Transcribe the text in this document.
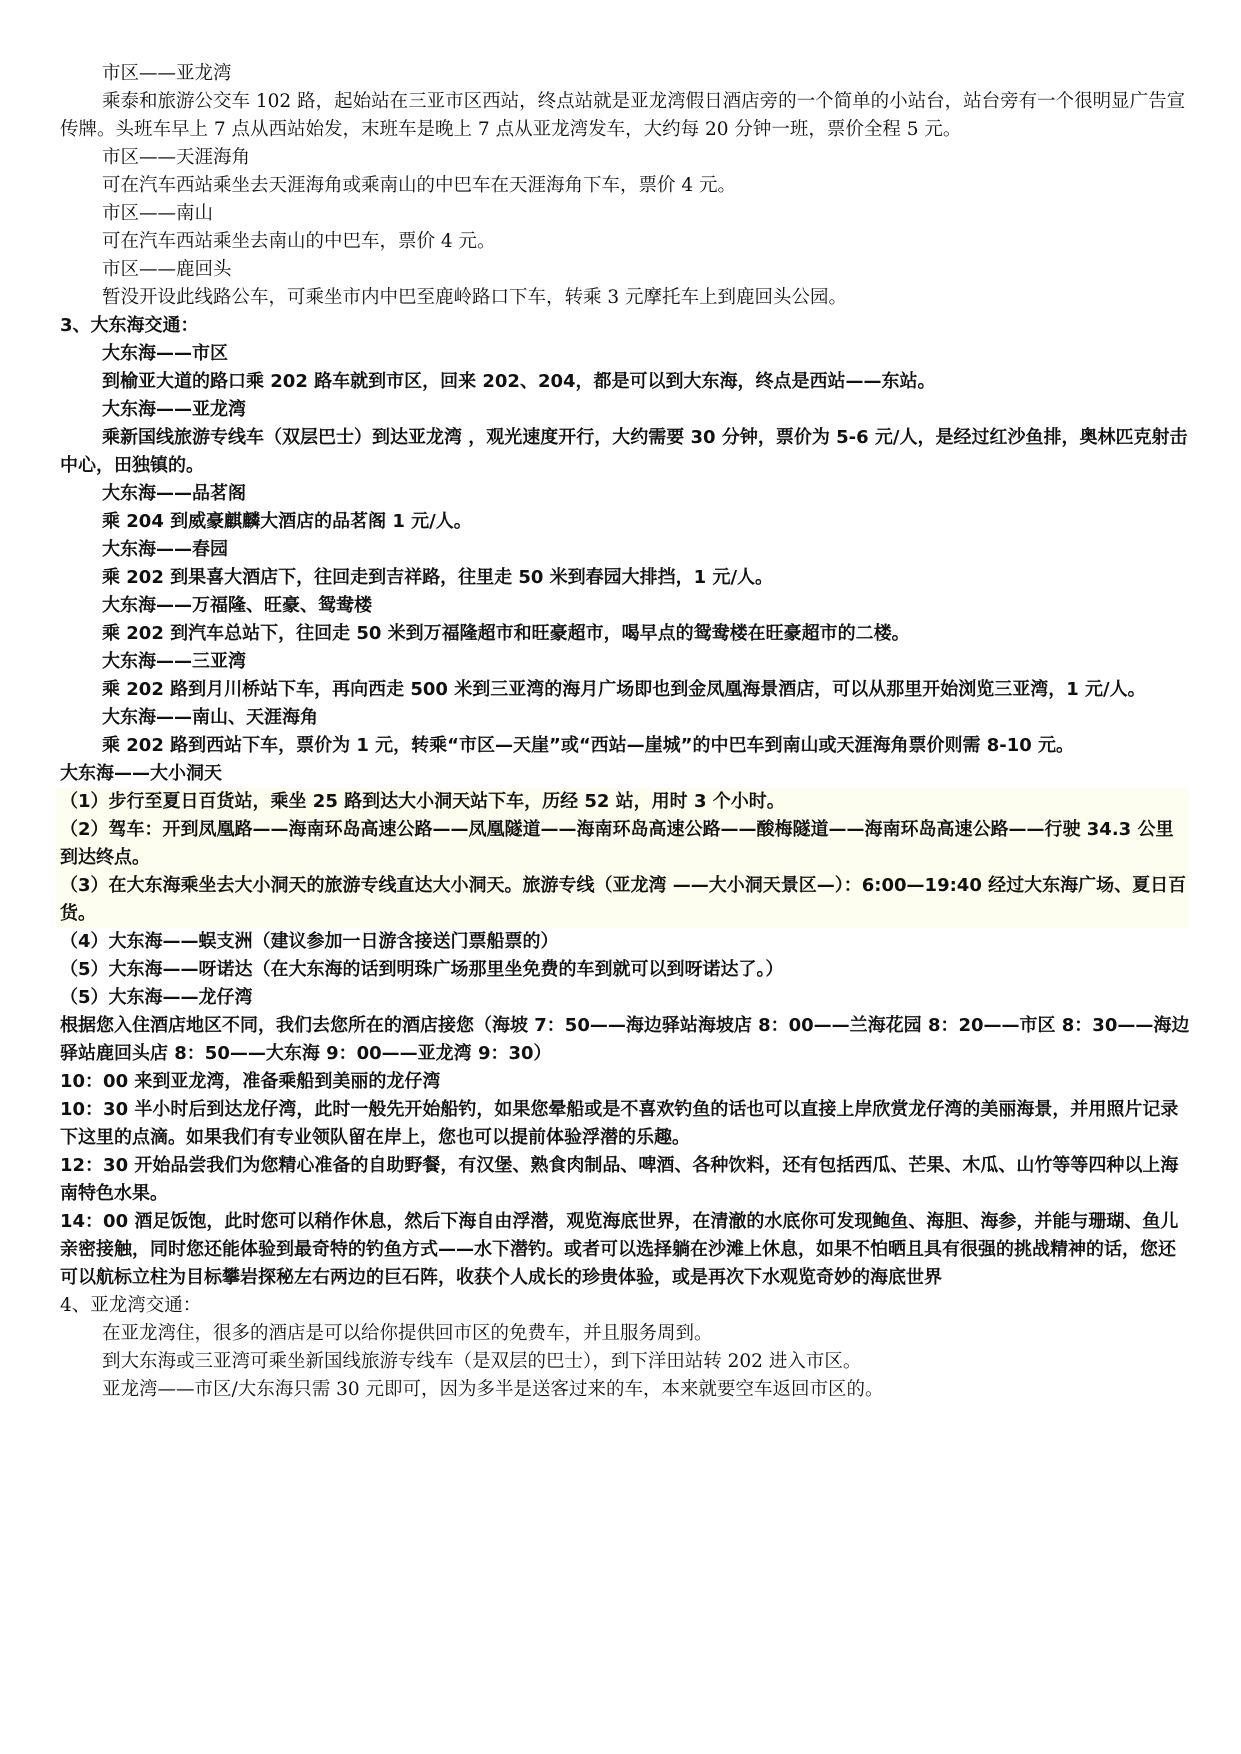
市区——亚龙湾
乘泰和旅游公交车 102 路，起始站在三亚市区西站，终点站就是亚龙湾假日酒店旁的一个简单的小站台，站台旁有一个很明显广告宣传牌。头班车早上 7 点从西站始发，末班车是晚上 7 点从亚龙湾发车，大约每 20 分钟一班，票价全程 5 元。
市区——天涯海角
可在汽车西站乘坐去天涯海角或乘南山的中巴车在天涯海角下车，票价 4 元。
市区——南山
可在汽车西站乘坐去南山的中巴车，票价 4 元。
市区——鹿回头
暂没开设此线路公车，可乘坐市内中巴至鹿岭路口下车，转乘 3 元摩托车上到鹿回头公园。
3、大东海交通：
大东海——市区
到榆亚大道的路口乘 202 路车就到市区，回来 202、204，都是可以到大东海，终点是西站——东站。
大东海——亚龙湾
乘新国线旅游专线车（双层巴士）到达亚龙湾 ，观光速度开行，大约需要 30 分钟，票价为 5-6 元/人，是经过红沙鱼排，奥林匹克射击中心，田独镇的。
大东海——品茗阁
乘 204 到威豪麒麟大酒店的品茗阁 1 元/人。
大东海——春园
乘 202 到果喜大酒店下，往回走到吉祥路，往里走 50 米到春园大排挡，1 元/人。
大东海——万福隆、旺豪、鸳鸯楼
乘 202 到汽车总站下，往回走 50 米到万福隆超市和旺豪超市，喝早点的鸳鸯楼在旺豪超市的二楼。
大东海——三亚湾
乘 202 路到月川桥站下车，再向西走 500 米到三亚湾的海月广场即也到金凤凰海景酒店，可以从那里开始浏览三亚湾，1 元/人。
大东海——南山、天涯海角
乘 202 路到西站下车，票价为 1 元，转乘“市区—天崖”或“西站—崖城”的中巴车到南山或天涯海角票价则需 8-10 元。
大东海——大小洞天
（1）步行至夏日百货站，乘坐 25 路到达大小洞天站下车，历经 52 站，用时 3 个小时。
（2）驾车：开到凤凰路——海南环岛高速公路——凤凰隧道——海南环岛高速公路——酸梅隧道——海南环岛高速公路——行驶 34.3 公里到达终点。
（3）在大东海乘坐去大小洞天的旅游专线直达大小洞天。旅游专线（亚龙湾 ——大小洞天景区—）：6:00—19:40 经过大东海广场、夏日百货。
（4）大东海——蜈支洲（建议参加一日游含接送门票船票的）
（5）大东海——呀诺达（在大东海的话到明珠广场那里坐免费的车到就可以到呀诺达了。）
（5）大东海——龙仔湾
根据您入住酒店地区不同，我们去您所在的酒店接您（海坡 7：50——海边驿站海坡店 8：00——兰海花园 8：20——市区 8：30——海边驿站鹿回头店 8：50——大东海 9：00——亚龙湾 9：30）
10：00 来到亚龙湾，准备乘船到美丽的龙仔湾
10：30 半小时后到达龙仔湾，此时一般先开始船钓，如果您晕船或是不喜欢钓鱼的话也可以直接上岸欣赏龙仔湾的美丽海景，并用照片记录下这里的点滴。如果我们有专业领队留在岸上，您也可以提前体验浮潜的乐趣。
12：30 开始品尝我们为您精心准备的自助野餐，有汉堡、熟食肉制品、啤酒、各种饮料，还有包括西瓜、芒果、木瓜、山竹等等四种以上海南特色水果。
14：00 酒足饭饱，此时您可以稍作休息，然后下海自由浮潜，观览海底世界，在清澈的水底你可发现鲍鱼、海胆、海参，并能与珊瑚、鱼儿亲密接触，同时您还能体验到最奇特的钓鱼方式——水下潜钓。或者可以选择躺在沙滩上休息，如果不怕晒且具有很强的挑战精神的话，您还可以航标立柱为目标攀岩探秘左右两边的巨石阵，收获个人成长的珍贵体验，或是再次下水观览奇妙的海底世界
4、亚龙湾交通：
在亚龙湾住，很多的酒店是可以给你提供回市区的免费车，并且服务周到。
到大东海或三亚湾可乘坐新国线旅游专线车（是双层的巴士），到下洋田站转 202 进入市区。
亚龙湾——市区/大东海只需 30 元即可，因为多半是送客过来的车，本来就要空车返回市区的。
